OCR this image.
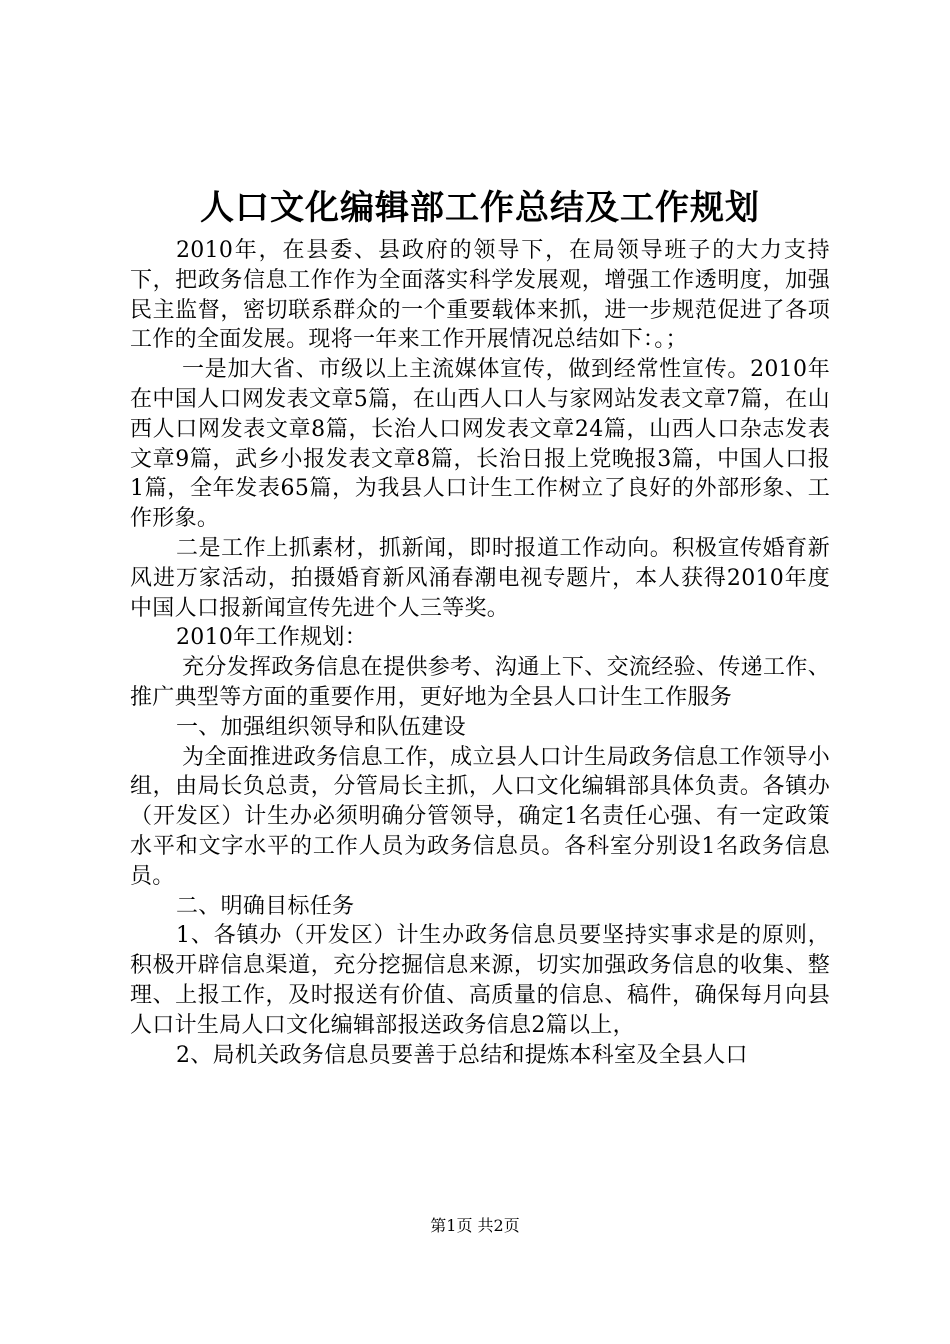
人口文化编辑部工作总结及工作规划

2010年，在县委、县政府的领导下，在局领导班子的大力支持下，把政务信息工作作为全面落实科学发展观，增强工作透明度，加强民主监督，密切联系群众的一个重要载体来抓，进一步规范促进了各项工作的全面发展。现将一年来工作开展情况总结如下：。；

一是加大省、市级以上主流媒体宣传，做到经常性宣传。2010年在中国人口网发表文章5篇，在山西人口人与家网站发表文章7篇，在山西人口网发表文章8篇，长治人口网发表文章24篇，山西人口杂志发表文章9篇，武乡小报发表文章8篇，长治日报上党晚报3篇，中国人口报1篇，全年发表65篇，为我县人口计生工作树立了良好的外部形象、工作形象。

二是工作上抓素材，抓新闻，即时报道工作动向。积极宣传婚育新风进万家活动，拍摄婚育新风涌春潮电视专题片，本人获得2010年度中国人口报新闻宣传先进个人三等奖。

2010年工作规划：

充分发挥政务信息在提供参考、沟通上下、交流经验、传递工作、推广典型等方面的重要作用，更好地为全县人口计生工作服务

一、加强组织领导和队伍建设

为全面推进政务信息工作，成立县人口计生局政务信息工作领导小组，由局长负总责，分管局长主抓，人口文化编辑部具体负责。各镇办（开发区）计生办必须明确分管领导，确定1名责任心强、有一定政策水平和文字水平的工作人员为政务信息员。各科室分别设1名政务信息员。

二、明确目标任务

1、各镇办（开发区）计生办政务信息员要坚持实事求是的原则，积极开辟信息渠道，充分挖掘信息来源，切实加强政务信息的收集、整理、上报工作，及时报送有价值、高质量的信息、稿件，确保每月向县人口计生局人口文化编辑部报送政务信息2篇以上，

2、局机关政务信息员要善于总结和提炼本科室及全县人口

第1页 共2页
